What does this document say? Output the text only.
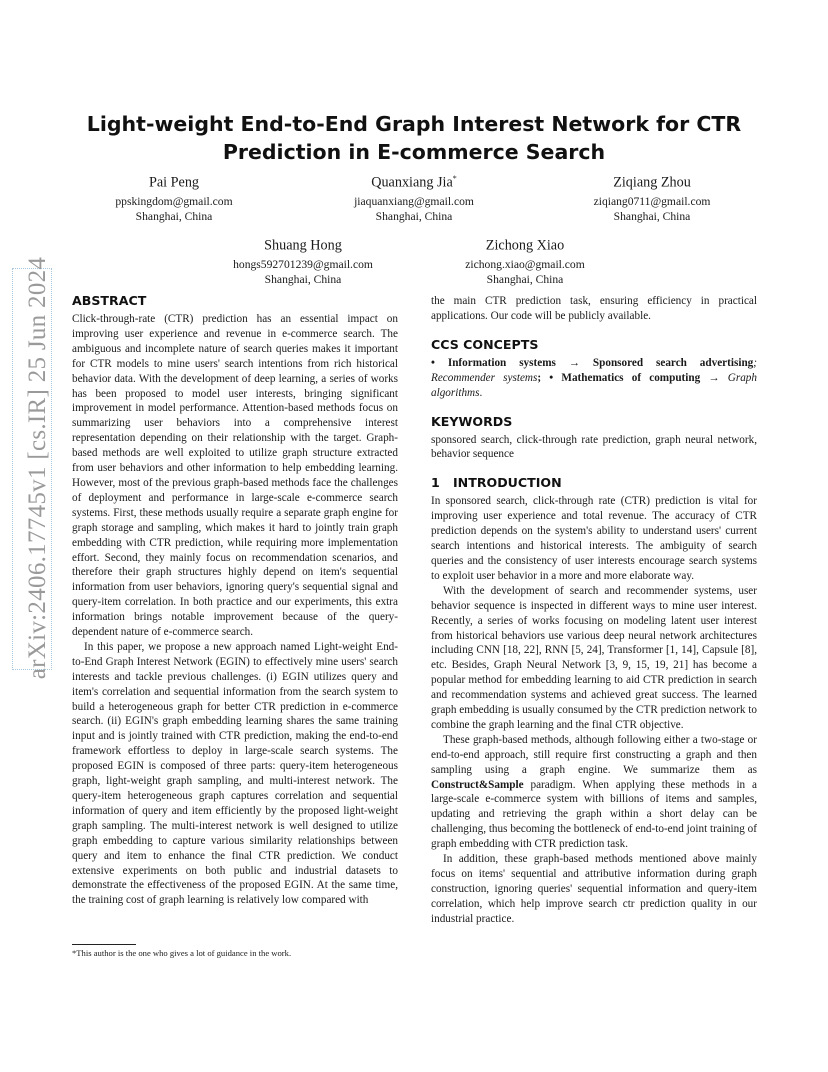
arXiv:2406.17745v1 [cs.IR] 25 Jun 2024
Light-weight End-to-End Graph Interest Network for CTR
Prediction in E-commerce Search
Pai Peng
ppskingdom@gmail.com
Shanghai, China
Quanxiang Jia*
jiaquanxiang@gmail.com
Shanghai, China
Ziqiang Zhou
ziqiang0711@gmail.com
Shanghai, China
Shuang Hong
hongs592701239@gmail.com
Shanghai, China
Zichong Xiao
zichong.xiao@gmail.com
Shanghai, China
ABSTRACT

Click-through-rate (CTR) prediction has an essential impact on improving user experience and revenue in e-commerce search. The ambiguous and incomplete nature of search queries makes it important for CTR models to mine users' search intentions from rich historical behavior data. With the development of deep learning, a series of works has been proposed to model user interests, bringing significant improvement in model performance. Attention-based methods focus on summarizing user behaviors into a comprehensive interest representation depending on their relationship with the target. Graph-based methods are well exploited to utilize graph structure extracted from user behaviors and other information to help embedding learning. However, most of the previous graph-based methods face the challenges of deployment and performance in large-scale e-commerce search systems. First, these methods usually require a separate graph engine for graph storage and sampling, which makes it hard to jointly train graph embedding with CTR prediction, while requiring more implementation effort. Second, they mainly focus on recommendation scenarios, and therefore their graph structures highly depend on item's sequential information from user behaviors, ignoring query's sequential signal and query-item correlation. In both practice and our experiments, this extra information brings notable improvement because of the query-dependent nature of e-commerce search.

In this paper, we propose a new approach named Light-weight End-to-End Graph Interest Network (EGIN) to effectively mine users' search interests and tackle previous challenges. (i) EGIN utilizes query and item's correlation and sequential information from the search system to build a heterogeneous graph for better CTR prediction in e-commerce search. (ii) EGIN's graph embedding learning shares the same training input and is jointly trained with CTR prediction, making the end-to-end framework effortless to deploy in large-scale search systems. The proposed EGIN is composed of three parts: query-item heterogeneous graph, light-weight graph sampling, and multi-interest network. The query-item heterogeneous graph captures correlation and sequential information of query and item efficiently by the proposed light-weight graph sampling. The multi-interest network is well designed to utilize graph embedding to capture various similarity relationships between query and item to enhance the final CTR prediction. We conduct extensive experiments on both public and industrial datasets to demonstrate the effectiveness of the proposed EGIN. At the same time, the training cost of graph learning is relatively low compared with

*This author is the one who gives a lot of guidance in the work.

the main CTR prediction task, ensuring efficiency in practical applications. Our code will be publicly available.

CCS CONCEPTS

• Information systems → Sponsored search advertising; Recommender systems; • Mathematics of computing → Graph algorithms.

KEYWORDS

sponsored search, click-through rate prediction, graph neural network, behavior sequence

1 INTRODUCTION

In sponsored search, click-through rate (CTR) prediction is vital for improving user experience and total revenue. The accuracy of CTR prediction depends on the system's ability to understand users' current search intentions and historical interests. The ambiguity of search queries and the consistency of user interests encourage search systems to exploit user behavior in a more and more elaborate way.

With the development of search and recommender systems, user behavior sequence is inspected in different ways to mine user interest. Recently, a series of works focusing on modeling latent user interest from historical behaviors use various deep neural network architectures including CNN [18, 22], RNN [5, 24], Transformer [1, 14], Capsule [8], etc. Besides, Graph Neural Network [3, 9, 15, 19, 21] has become a popular method for embedding learning to aid CTR prediction in search and recommendation systems and achieved great success. The learned graph embedding is usually consumed by the CTR prediction network to combine the graph learning and the final CTR objective.

These graph-based methods, although following either a two-stage or end-to-end approach, still require first constructing a graph and then sampling using a graph engine. We summarize them as Construct&Sample paradigm. When applying these methods in a large-scale e-commerce system with billions of items and samples, updating and retrieving the graph within a short delay can be challenging, thus becoming the bottleneck of end-to-end joint training of graph embedding with CTR prediction task.

In addition, these graph-based methods mentioned above mainly focus on items' sequential and attributive information during graph construction, ignoring queries' sequential information and query-item correlation, which help improve search ctr prediction quality in our industrial practice.
